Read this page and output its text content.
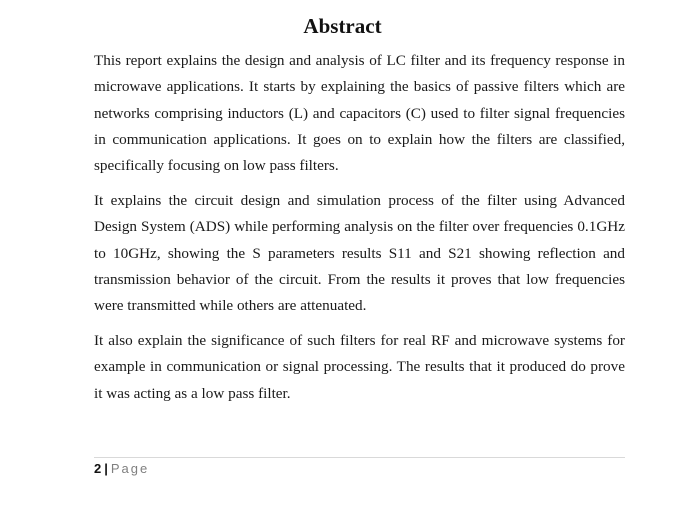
Abstract

This report explains the design and analysis of LC filter and its frequency response in microwave applications. It starts by explaining the basics of passive filters which are networks comprising inductors (L) and capacitors (C) used to filter signal frequencies in communication applications. It goes on to explain how the filters are classified, specifically focusing on low pass filters.

It explains the circuit design and simulation process of the filter using Advanced Design System (ADS) while performing analysis on the filter over frequencies 0.1GHz to 10GHz, showing the S parameters results S11 and S21 showing reflection and transmission behavior of the circuit. From the results it proves that low frequencies were transmitted while others are attenuated.

It also explain the significance of such filters for real RF and microwave systems for example in communication or signal processing. The results that it produced do prove it was acting as a low pass filter.

2 | Page
